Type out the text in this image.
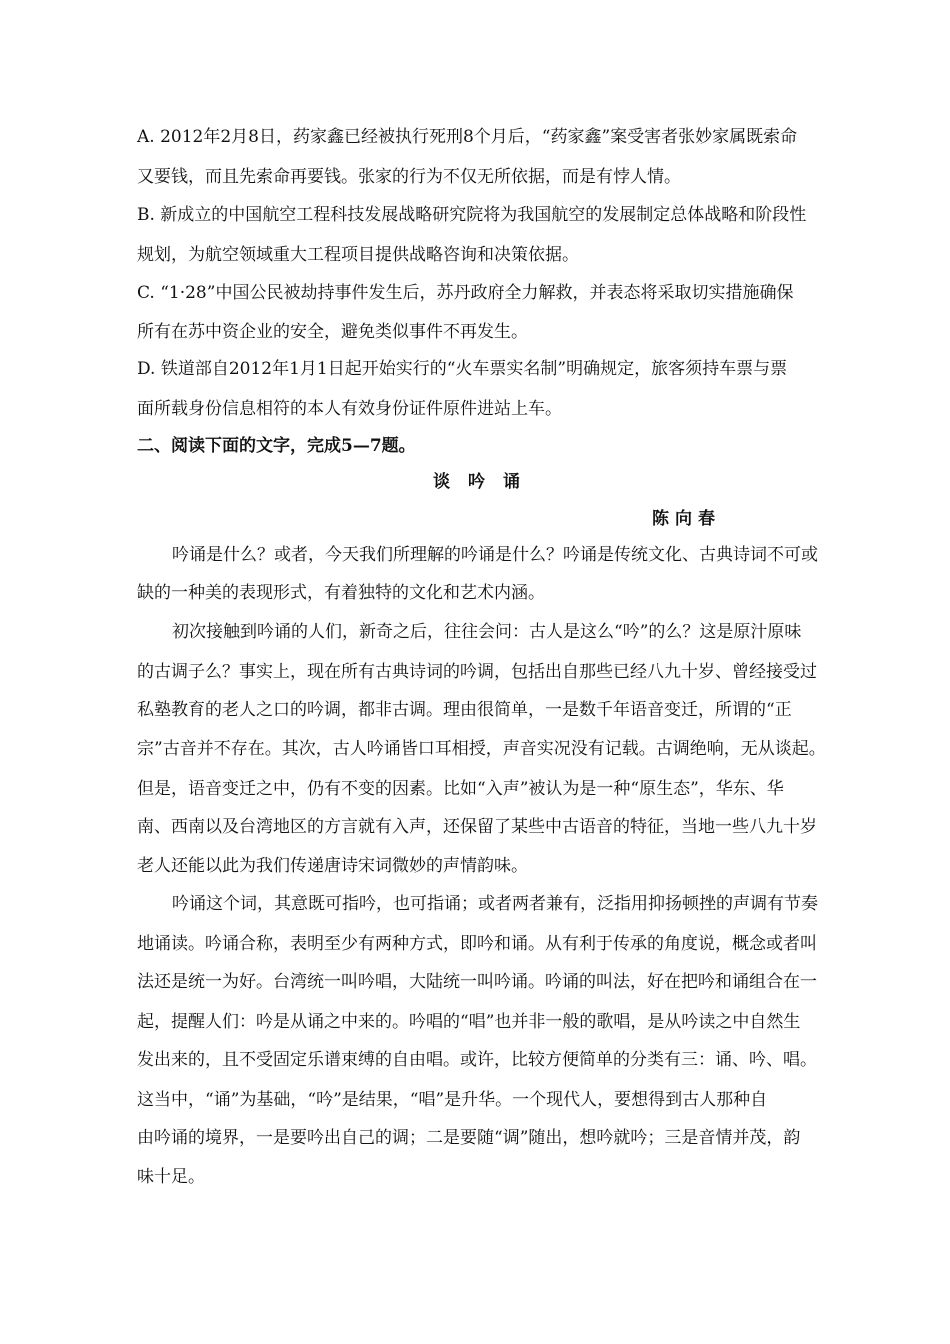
A. 2012年2月8日，药家鑫已经被执行死刑8个月后，“药家鑫”案受害者张妙家属既索命
又要钱，而且先索命再要钱。张家的行为不仅无所依据，而是有悖人情。
B. 新成立的中国航空工程科技发展战略研究院将为我国航空的发展制定总体战略和阶段性
规划，为航空领域重大工程项目提供战略咨询和决策依据。
C. “1·28”中国公民被劫持事件发生后，苏丹政府全力解救，并表态将采取切实措施确保
所有在苏中资企业的安全，避免类似事件不再发生。
D. 铁道部自2012年1月1日起开始实行的“火车票实名制”明确规定，旅客须持车票与票
面所载身份信息相符的本人有效身份证件原件进站上车。
二、阅读下面的文字，完成5—7题。
谈吟诵
陈向春
吟诵是什么？或者，今天我们所理解的吟诵是什么？吟诵是传统文化、古典诗词不可或
缺的一种美的表现形式，有着独特的文化和艺术内涵。
初次接触到吟诵的人们，新奇之后，往往会问：古人是这么“吟”的么？这是原汁原味
的古调子么？事实上，现在所有古典诗词的吟调，包括出自那些已经八九十岁、曾经接受过
私塾教育的老人之口的吟调，都非古调。理由很简单，一是数千年语音变迁，所谓的“正
宗”古音并不存在。其次，古人吟诵皆口耳相授，声音实况没有记载。古调绝响，无从谈起。
但是，语音变迁之中，仍有不变的因素。比如“入声”被认为是一种“原生态”，华东、华
南、西南以及台湾地区的方言就有入声，还保留了某些中古语音的特征，当地一些八九十岁
老人还能以此为我们传递唐诗宋词微妙的声情韵味。
吟诵这个词，其意既可指吟，也可指诵；或者两者兼有，泛指用抑扬顿挫的声调有节奏
地诵读。吟诵合称，表明至少有两种方式，即吟和诵。从有利于传承的角度说，概念或者叫
法还是统一为好。台湾统一叫吟唱，大陆统一叫吟诵。吟诵的叫法，好在把吟和诵组合在一
起，提醒人们：吟是从诵之中来的。吟唱的“唱”也并非一般的歌唱，是从吟读之中自然生
发出来的，且不受固定乐谱束缚的自由唱。或许，比较方便简单的分类有三：诵、吟、唱。
这当中，“诵”为基础，“吟”是结果，“唱”是升华。一个现代人，要想得到古人那种自
由吟诵的境界，一是要吟出自己的调；二是要随“调”随出，想吟就吟；三是音情并茂，韵
味十足。
